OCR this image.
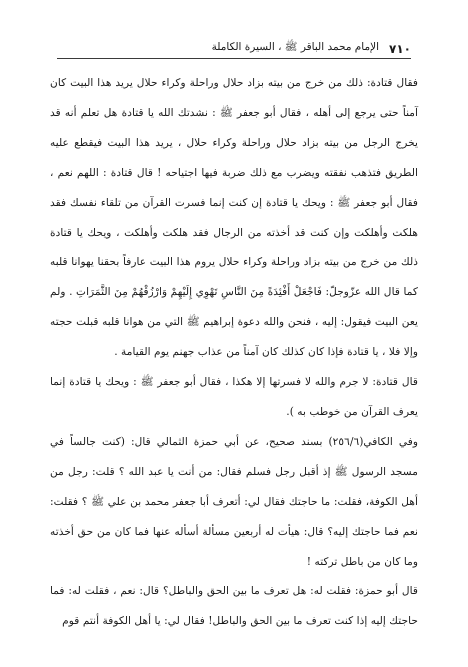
٧١٠
الإمام محمد الباقر ﷺ ، السيرة الكاملة

فقال قتادة: ذلك من خرج من بيته بزاد حلال وراحلة وكراء حلال يريد هذا البيت كان آمناً حتى يرجع إلى أهله ، فقال أبو جعفر ﷺ : نشدتك الله يا قتادة هل تعلم أنه قد يخرج الرجل من بيته بزاد حلال وراحلة وكراء حلال ، يريد هذا البيت فيقطع عليه الطريق فتذهب نفقته ويضرب مع ذلك ضربة فيها اجتياحه ! قال قتادة : اللهم نعم ، فقال أبو جعفر ﷺ : ويحك يا قتادة إن كنت إنما فسرت القرآن من تلقاء نفسك فقد هلكت وأهلكت وإن كنت قد أخذته من الرجال فقد هلكت وأهلكت ، ويحك يا قتادة ذلك من خرج من بيته بزاد وراحلة وكراء حلال يروم هذا البيت عارفاً بحقنا يهوانا قلبه كما قال الله عزّوجلّ: فَاجْعَلْ أَفْئِدَةً مِنَ النَّاسِ تَهْوِي إِلَيْهِمْ وَارْزُقْهُمْ مِنَ الثَّمَرَاتِ . ولم يعن البيت فيقول: إليه ، فنحن والله دعوة إبراهيم ﷺ التي من هوانا قلبه قبلت حجته وإلا فلا ، يا قتادة فإذا كان كذلك كان آمناً من عذاب جهنم يوم القيامة .

قال قتادة: لا جرم والله لا فسرتها إلا هكذا ، فقال أبو جعفر ﷺ : ويحك يا قتادة إنما يعرف القرآن من خوطب به ).

وفي الكافي(٢٥٦/٦) بسند صحيح، عن أبي حمزة الثمالي قال: (كنت جالساً في مسجد الرسول ﷺ إذ أقبل رجل فسلم فقال: من أنت يا عبد الله ؟ قلت: رجل من أهل الكوفة، فقلت: ما حاجتك فقال لي: أتعرف أبا جعفر محمد بن علي ﷺ ؟ فقلت: نعم فما حاجتك إليه؟ قال: هيأت له أربعين مسألة أسأله عنها فما كان من حق أخذته وما كان من باطل تركته !

قال أبو حمزة: فقلت له: هل تعرف ما بين الحق والباطل؟ قال: نعم ، فقلت له: فما حاجتك إليه إذا كنت تعرف ما بين الحق والباطل! فقال لي: يا أهل الكوفة أنتم قوم
